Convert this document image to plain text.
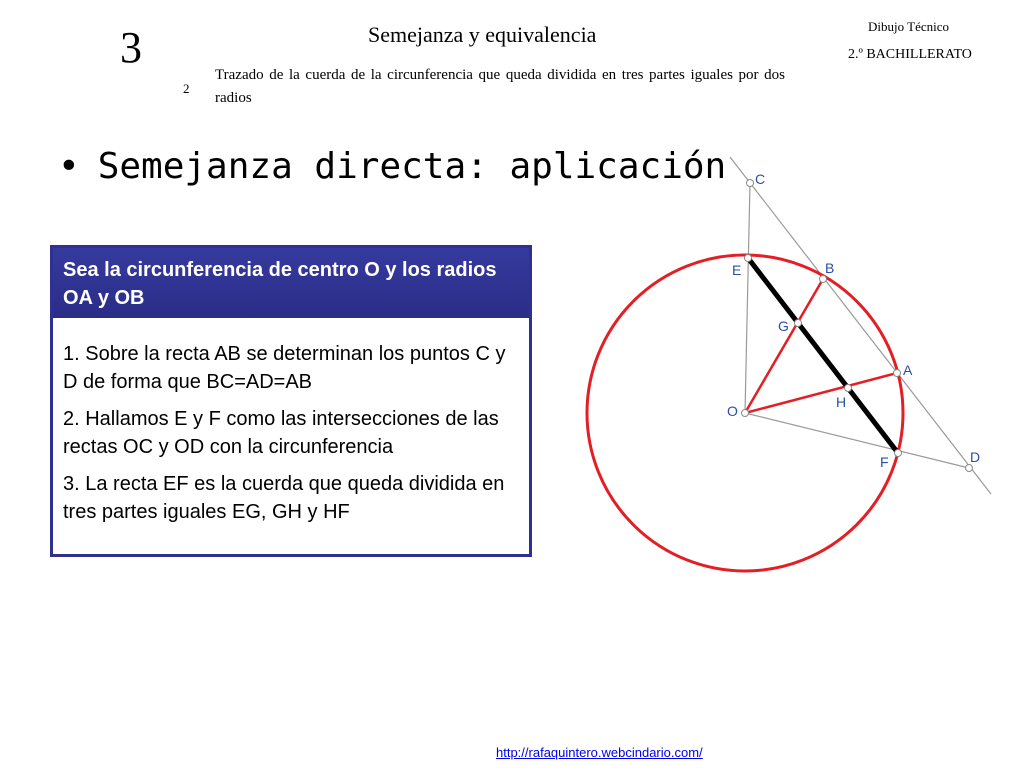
3	Semejanza y equivalencia	Dibujo Técnico
2.º BACHILLERATO
2
Trazado de la cuerda de la circunferencia que queda dividida en tres partes iguales por dos radios
• Semejanza directa: aplicación
Sea la circunferencia de centro O y los radios OA y OB

1. Sobre la recta AB se determinan los puntos C y D de forma que BC=AD=AB

2. Hallamos E y F como las intersecciones de las rectas OC y OD con la circunferencia

3. La recta EF es la cuerda que queda dividida en tres partes iguales EG, GH y HF

C
E	B
G
A
O
H
D
F
http://rafaquintero.webcindario.com/
